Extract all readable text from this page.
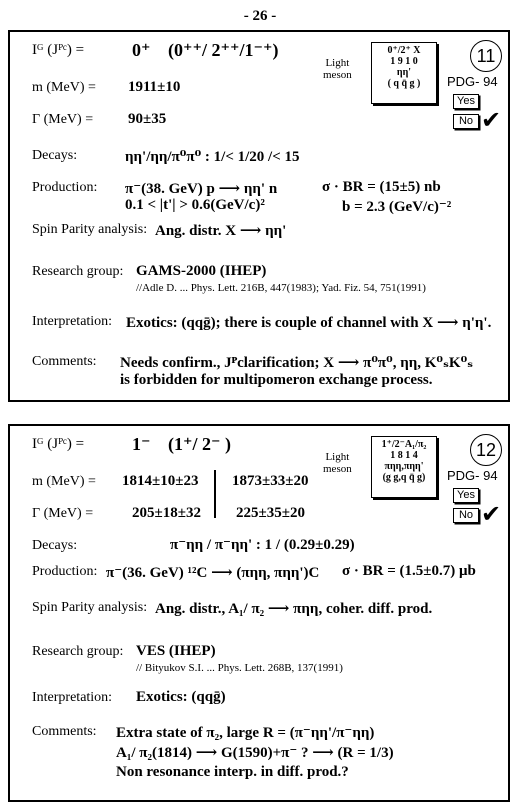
- 26 -
Iᴳ (Jᴾᶜ) =	0⁺ (0⁺⁺/ 2⁺⁺/1⁻⁺)
Light
meson
0⁺/2⁺ X
1 9 1 0
ηη'
( q q̄ g )
11
PDG- 94
Yes
No ✔
m (MeV) = 1911±10
Γ (MeV) = 90±35
Decays:	ηη'/ηη/π⁰π⁰ : 1/< 1/20 /< 15
Production: π⁻(38. GeV) p ⟶ ηη' n	σ · BR = (15±5) nb
0.1 < |t'| > 0.6(GeV/c)²	b = 2.3 (GeV/c)⁻²
Spin Parity analysis: Ang. distr. X ⟶ ηη'
Research group: GAMS-2000 (IHEP)
//Adle D. ... Phys. Lett. 216B, 447(1983); Yad. Fiz. 54, 751(1991)
Interpretation: Exotics: (qqḡ); there is couple of channel with X ⟶ η'η'.
Comments: Needs confirm., Jᴾclarification; X ⟶ π⁰π⁰, ηη, K⁰ₛK⁰ₛ
is forbidden for multipomeron exchange process.
Iᴳ (Jᴾᶜ) =	1⁻ (1⁺/ 2⁻ )
Light
meson
1⁺/2⁻A₁/π₂
1 8 1 4
πηη,πηη'
(g g,q q̄ g)
12
PDG- 94
Yes
No ✔
m (MeV) = 1814±10±23 1873±33±20
Γ (MeV) =	205±18±32 225±35±20
Decays:	π⁻ηη / π⁻ηη' : 1 / (0.29±0.29)
Production: π⁻(36. GeV) ¹²C ⟶ (πηη, πηη')C σ · BR = (1.5±0.7) μb
Spin Parity analysis: Ang. distr., A₁/ π₂ ⟶ πηη, coher. diff. prod.
Research group: VES (IHEP)
// Bityukov S.I. ... Phys. Lett. 268B, 137(1991)
Interpretation: Exotics: (qqḡ)
Comments: Extra state of π₂, large R = (π⁻ηη'/π⁻ηη)
A₁/ π₂(1814) ⟶ G(1590)+π⁻ ? ⟶ (R = 1/3)
Non resonance interp. in diff. prod.?
